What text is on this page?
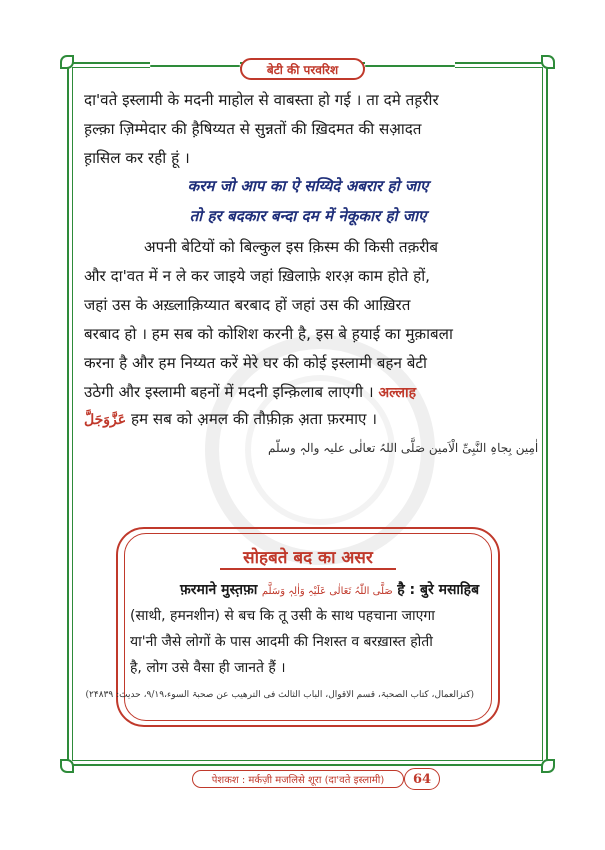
बेटी की परवरिश
दा'वते इस्लामी के मदनी माहोल से वाबस्ता हो गई । ता दमे तह़रीर
ह़ल्क़ा ज़िम्मेदार की ह़ैषिय्यत से सुन्नतों की ख़िदमत की सआ़दत
ह़ासिल कर रही हूं ।
करम जो आप का ऐ सय्यिदे अबरार हो जाए
तो हर बदकार बन्दा दम में नेकूकार हो जाए
अपनी बेटियों को बिल्कुल इस क़िस्म की किसी तक़रीब
और दा'वत में न ले कर जाइये जहां ख़िलाफ़े शरअ़ काम होते हों,
जहां उस के अख़्लाक़िय्यात बरबाद हों जहां उस की आख़िरत
बरबाद हो । हम सब को कोशिश करनी है, इस बे ह़याई का मुक़ाबला
करना है और हम निय्यत करें मेरे घर की कोई इस्लामी बहन बेटी
उठेगी और इस्लामी बहनों में मदनी इन्क़िलाब लाएगी । अल्लाह
عَزَّوَجَلَّ हम सब को अ़मल की तौफ़ीक़ अ़ता फ़रमाए ।
اٰمِین بِجاہِ النَّبِیِّ الْاَمین صَلَّی اللہُ تعالٰی علیہ والہٖ وسلّم
सोहबते बद का असर
फ़रमाने मुस्त़फ़ा صَلَّی اللّٰہُ تَعَالٰی عَلَیْہِ وَاٰلِہٖ وَسَلَّم है : बुरे मसाहिब
(साथी, हमनशीन) से बच कि तू उसी के साथ पहचाना जाएगा
या'नी जैसे लोगों के पास आदमी की निशस्त व बरख़ास्त होती
है, लोग उसे वैसा ही जानते हैं ।
(کنزالعمال، کتاب الصحبۃ، قسم الاقوال، الباب الثالث فی الترھیب عن صحبۃ السوء،۹/۱۹، حدیث: ۲۴۸۳۹)
पेशकश : मर्कज़ी मजलिसे शूरा (दा'वते इस्लामी) 64
